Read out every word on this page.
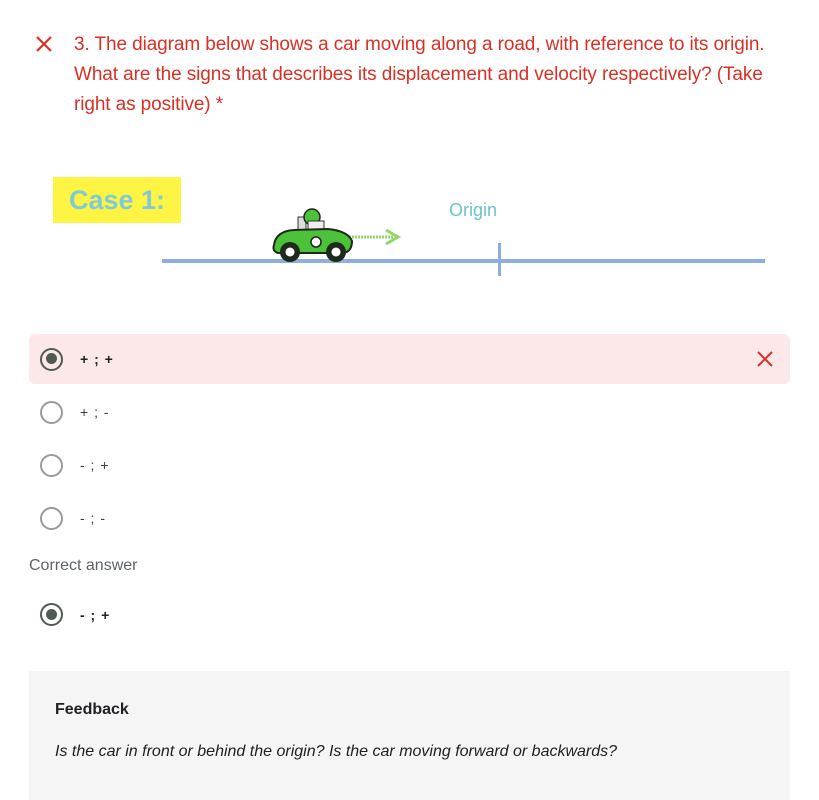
3. The diagram below shows a car moving along a road, with reference to its origin. What are the signs that describes its displacement and velocity respectively? (Take right as positive) *
Case 1:	Origin
+ ; +
+ ; -
- ; +
- ; -
Correct answer
- ; +
Feedback
Is the car in front or behind the origin? Is the car moving forward or backwards?
